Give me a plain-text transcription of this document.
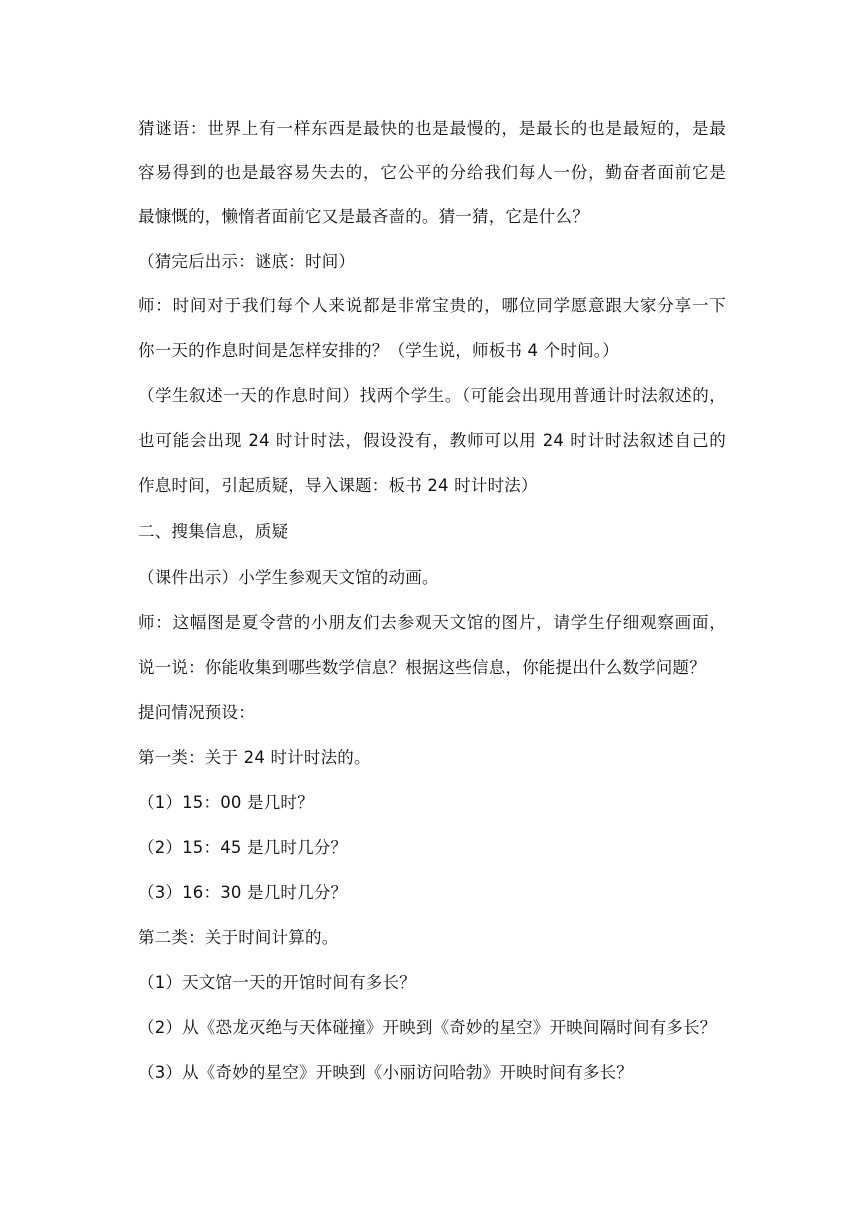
猜谜语：世界上有一样东西是最快的也是最慢的，是最长的也是最短的，是最
容易得到的也是最容易失去的，它公平的分给我们每人一份，勤奋者面前它是
最慷慨的，懒惰者面前它又是最吝啬的。猜一猜，它是什么？
（猜完后出示：谜底：时间）
师：时间对于我们每个人来说都是非常宝贵的，哪位同学愿意跟大家分享一下
你一天的作息时间是怎样安排的？（学生说，师板书 4 个时间。）
（学生叙述一天的作息时间）找两个学生。（可能会出现用普通计时法叙述的，
也可能会出现 24 时计时法，假设没有，教师可以用 24 时计时法叙述自己的
作息时间，引起质疑，导入课题：板书 24 时计时法）
二、搜集信息，质疑
（课件出示）小学生参观天文馆的动画。
师：这幅图是夏令营的小朋友们去参观天文馆的图片，请学生仔细观察画面，
说一说：你能收集到哪些数学信息？根据这些信息，你能提出什么数学问题？
提问情况预设：
第一类：关于 24 时计时法的。
（1）15：00 是几时？
（2）15：45 是几时几分？
（3）16：30 是几时几分？
第二类：关于时间计算的。
（1）天文馆一天的开馆时间有多长？
（2）从《恐龙灭绝与天体碰撞》开映到《奇妙的星空》开映间隔时间有多长？
（3）从《奇妙的星空》开映到《小丽访问哈勃》开映时间有多长？
